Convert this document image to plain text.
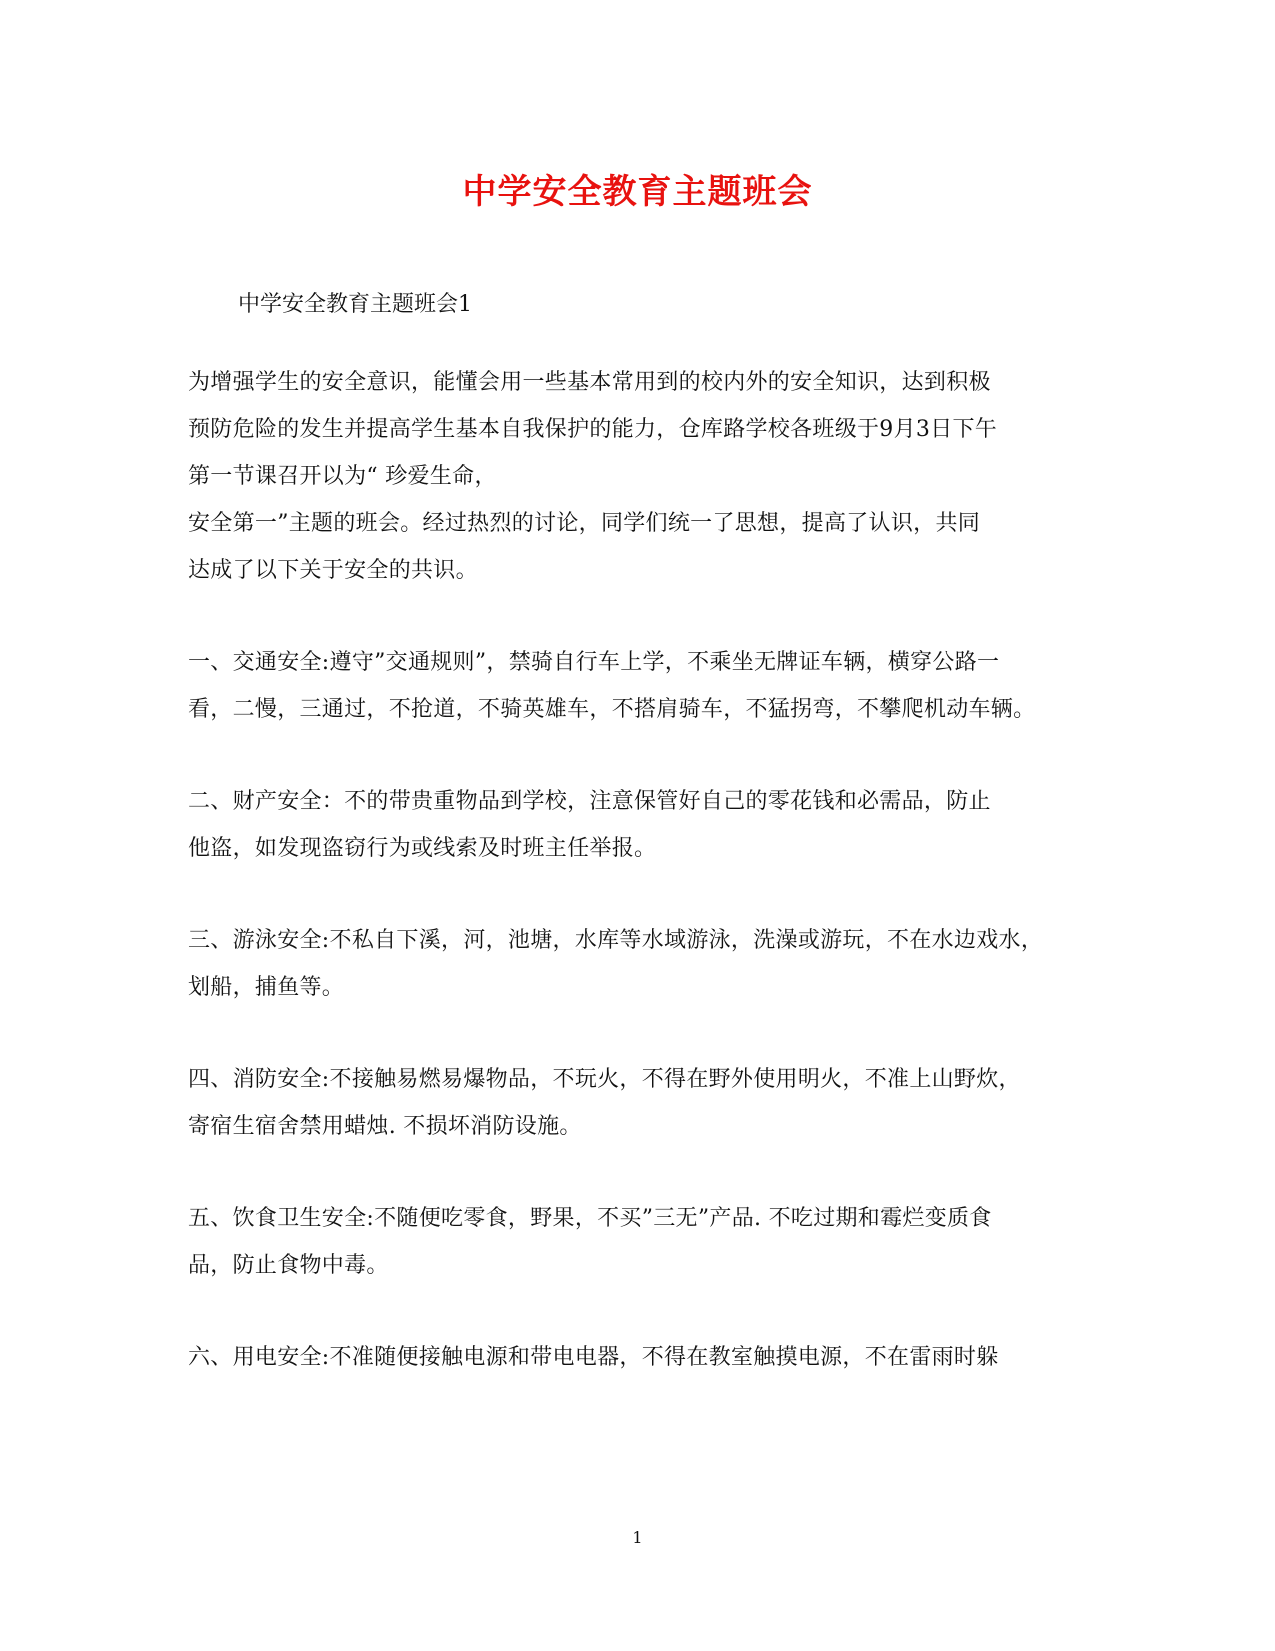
中学安全教育主题班会
中学安全教育主题班会1
为增强学生的安全意识，能懂会用一些基本常用到的校内外的安全知识，达到积极
预防危险的发生并提高学生基本自我保护的能力，仓库路学校各班级于9月3日下午
第一节课召开以为“ 珍爱生命，
安全第一”主题的班会。经过热烈的讨论，同学们统一了思想，提高了认识，共同
达成了以下关于安全的共识。
一、交通安全:遵守”交通规则”，禁骑自行车上学，不乘坐无牌证车辆，横穿公路一
看，二慢，三通过，不抢道，不骑英雄车，不搭肩骑车，不猛拐弯，不攀爬机动车辆。
二、财产安全：不的带贵重物品到学校，注意保管好自己的零花钱和必需品，防止
他盗，如发现盗窃行为或线索及时班主任举报。
三、游泳安全:不私自下溪，河，池塘，水库等水域游泳，洗澡或游玩，不在水边戏水，
划船，捕鱼等。
四、消防安全:不接触易燃易爆物品，不玩火，不得在野外使用明火，不准上山野炊，
寄宿生宿舍禁用蜡烛. 不损坏消防设施。
五、饮食卫生安全:不随便吃零食，野果，不买”三无”产品. 不吃过期和霉烂变质食
品，防止食物中毒。
六、用电安全:不准随便接触电源和带电电器，不得在教室触摸电源，不在雷雨时躲
1
